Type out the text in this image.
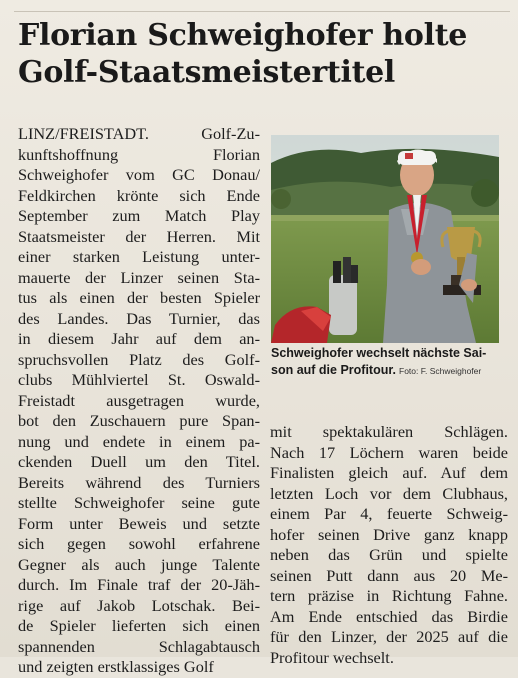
Florian Schweighofer holte
Golf-Staatsmeistertitel
LINZ/FREISTADT. Golf-Zu-
kunftshoffnung Florian
Schweighofer vom GC Donau/
Feldkirchen krönte sich Ende
September zum Match Play
Staatsmeister der Herren. Mit
einer starken Leistung unter-
mauerte der Linzer seinen Sta-
tus als einen der besten Spieler
des Landes. Das Turnier, das
in diesem Jahr auf dem an-
spruchsvollen Platz des Golf-
clubs Mühlviertel St. Oswald-
Freistadt ausgetragen wurde,
bot den Zuschauern pure Span-
nung und endete in einem pa-
ckenden Duell um den Titel.
Bereits während des Turniers
stellte Schweighofer seine gute
Form unter Beweis und setzte
sich gegen sowohl erfahrene
Gegner als auch junge Talente
durch. Im Finale traf der 20-Jäh-
rige auf Jakob Lotschak. Bei-
de Spieler lieferten sich einen
spannenden Schlagabtausch
und zeigten erstklassiges Golf
Schweighofer wechselt nächste Sai-
son auf die Profitour. Foto: F. Schweighofer
mit spektakulären Schlägen.
Nach 17 Löchern waren beide
Finalisten gleich auf. Auf dem
letzten Loch vor dem Clubhaus,
einem Par 4, feuerte Schweig-
hofer seinen Drive ganz knapp
neben das Grün und spielte
seinen Putt dann aus 20 Me-
tern präzise in Richtung Fahne.
Am Ende entschied das Birdie
für den Linzer, der 2025 auf die
Profitour wechselt.
